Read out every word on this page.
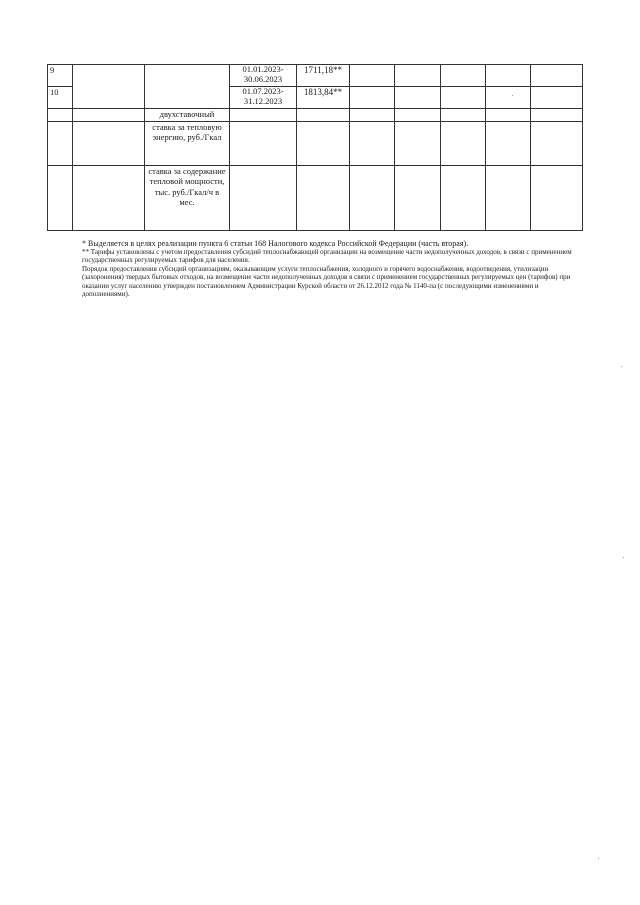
9			01.01.2023-30.06.2023	1711,18**					
10			01.07.2023-31.12.2023	1813,84**					
		двухставочный							
		ставка за тепловую энергию, руб./Гкал							
		ставка за содержание тепловой мощности, тыс. руб./Гкал/ч в мес.							

* Выделяется в целях реализации пункта 6 статьи 168 Налогового кодекса Российской Федерации (часть вторая).

** Тарифы установлены с учетом предоставления субсидий теплоснабжающей организации на возмещение части недополученных доходов, в связи с применением государственных регулируемых тарифов для населения.

Порядок предоставления субсидий организациям, оказывающим услуги теплоснабжения, холодного и горячего водоснабжения, водоотведения, утилизации (захоронения) твердых бытовых отходов, на возмещение части недополученных доходов в связи с применением государственных регулируемых цен (тарифов) при оказании услуг населению утвержден постановлением Администрации Курской области от 26.12.2012 года № 1140-па (с последующими изменениями и дополнениями).
